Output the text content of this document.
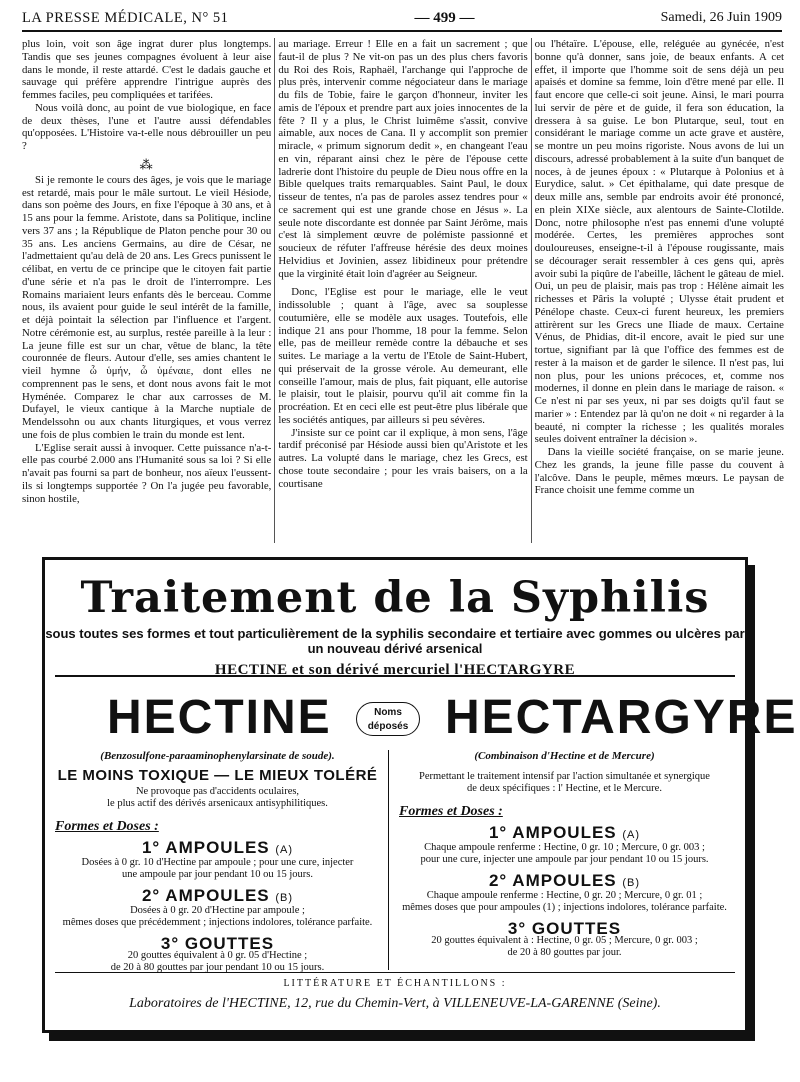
LA PRESSE MÉDICALE, N° 51	— 499 —	Samedi, 26 Juin 1909

plus loin, voit son âge ingrat durer plus longtemps. Tandis que ses jeunes compagnes évoluent à leur aise dans le monde, il reste attardé. C'est le dadais gauche et sauvage qui préfère apprendre l'intrigue auprès des femmes faciles, peu compliquées et tarifées.

Nous voilà donc, au point de vue biologique, en face de deux thèses, l'une et l'autre aussi défendables qu'opposées. L'Histoire va-t-elle nous débrouiller un peu ?

⁂

Si je remonte le cours des âges, je vois que le mariage est retardé, mais pour le mâle surtout. Le vieil Hésiode, dans son poème des Jours, en fixe l'époque à 30 ans, et à 15 ans pour la femme. Aristote, dans sa Politique, incline vers 37 ans ; la République de Platon penche pour 30 ou 35 ans. Les anciens Germains, au dire de César, ne l'admettaient qu'au delà de 20 ans. Les Grecs punissent le célibat, en vertu de ce principe que le citoyen fait partie d'une série et n'a pas le droit de l'interrompre. Les Romains mariaient leurs enfants dès le berceau. Comme nous, ils avaient pour guide le seul intérêt de la famille, et déjà pointait la sélection par l'influence et l'argent. Notre cérémonie est, au surplus, restée pareille à la leur : La jeune fille est sur un char, vêtue de blanc, la tête couronnée de fleurs. Autour d'elle, ses amies chantent le vieil hymne ὦ ὑμήν, ὦ ὑμέναιε, dont elles ne comprennent pas le sens, et dont nous avons fait le mot Hyménée. Comparez le char aux carrosses de M. Dufayel, le vieux cantique à la Marche nuptiale de Mendelssohn ou aux chants liturgiques, et vous verrez une fois de plus combien le train du monde est lent.

L'Eglise serait aussi à invoquer. Cette puissance n'a-t-elle pas courbé 2.000 ans l'Humanité sous sa loi ? Si elle n'avait pas fourni sa part de bonheur, nos aïeux l'eussent-ils si longtemps supportée ? On l'a jugée peu favorable, sinon hostile,

au mariage. Erreur ! Elle en a fait un sacrement ; que faut-il de plus ? Ne vit-on pas un des plus chers favoris du Roi des Rois, Raphaël, l'archange qui l'approche de plus près, intervenir comme négociateur dans le mariage du fils de Tobie, faire le garçon d'honneur, inviter les amis de l'époux et prendre part aux joies innocentes de la fête ? Il y a plus, le Christ luimême s'assit, convive aimable, aux noces de Cana. Il y accomplit son premier miracle, « primum signorum dedit », en changeant l'eau en vin, réparant ainsi chez le père de l'épouse cette ladrerie dont l'histoire du peuple de Dieu nous offre en la Bible quelques traits remarquables. Saint Paul, le doux tisseur de tentes, n'a pas de paroles assez tendres pour « ce sacrement qui est une grande chose en Jésus ». La seule note discordante est donnée par Saint Jérôme, mais c'est là simplement œuvre de polémiste passionné et soucieux de réfuter l'affreuse hérésie des deux moines Helvidius et Jovinien, assez libidineux pour prétendre que la virginité était loin d'agréer au Seigneur.

Donc, l'Eglise est pour le mariage, elle le veut indissoluble ; quant à l'âge, avec sa souplesse coutumière, elle se modèle aux usages. Toutefois, elle indique 21 ans pour l'homme, 18 pour la femme. Selon elle, pas de meilleur remède contre la débauche et ses suites. Le mariage a la vertu de l'Etole de Saint-Hubert, qui préservait de la grosse vérole. Au demeurant, elle conseille l'amour, mais de plus, fait piquant, elle autorise le plaisir, tout le plaisir, pourvu qu'il ait comme fin la procréation. Et en ceci elle est peut-être plus libérale que les sociétés antiques, par ailleurs si peu sévères.

J'insiste sur ce point car il explique, à mon sens, l'âge tardif préconisé par Hésiode aussi bien qu'Aristote et les autres. La volupté dans le mariage, chez les Grecs, est chose toute secondaire ; pour les vrais baisers, on a la courtisane

ou l'hétaïre. L'épouse, elle, reléguée au gynécée, n'est bonne qu'à donner, sans joie, de beaux enfants. A cet effet, il importe que l'homme soit de sens déjà un peu apaisés et domine sa femme, loin d'être mené par elle. Il faut encore que celle-ci soit jeune. Ainsi, le mari pourra lui servir de père et de guide, il fera son éducation, la dressera à sa guise. Le bon Plutarque, seul, tout en considérant le mariage comme un acte grave et austère, se montre un peu moins rigoriste. Nous avons de lui un discours, adressé probablement à la suite d'un banquet de noces, à de jeunes époux : « Plutarque à Polonius et à Eurydice, salut. » Cet épithalame, qui date presque de deux mille ans, semble par endroits avoir été prononcé, en plein XIXe siècle, aux alentours de Sainte-Clotilde. Donc, notre philosophe n'est pas ennemi d'une volupté modérée. Certes, les premières approches sont douloureuses, enseigne-t-il à l'épouse rougissante, mais se décourager serait ressembler à ces gens qui, après avoir subi la piqûre de l'abeille, lâchent le gâteau de miel. Oui, un peu de plaisir, mais pas trop : Hélène aimait les richesses et Pâris la volupté ; Ulysse était prudent et Pénélope chaste. Ceux-ci furent heureux, les premiers attirèrent sur les Grecs une Iliade de maux. Certaine Vénus, de Phidias, dit-il encore, avait le pied sur une tortue, signifiant par là que l'office des femmes est de rester à la maison et de garder le silence. Il n'est pas, lui non plus, pour les unions précoces, et, comme nos modernes, il donne en plein dans le mariage de raison. « Ce n'est ni par ses yeux, ni par ses doigts qu'il faut se marier » : Entendez par là qu'on ne doit « ni regarder à la beauté, ni compter la richesse ; les qualités morales seules doivent entraîner la décision ».

Dans la vieille société française, on se marie jeune. Chez les grands, la jeune fille passe du couvent à l'alcôve. Dans le peuple, mêmes mœurs. Le paysan de France choisit une femme comme un

Traitement de la Syphilis
sous toutes ses formes et tout particulièrement de la syphilis secondaire et tertiaire avec gommes ou ulcères par un nouveau dérivé arsenical
HECTINE et son dérivé mercuriel l'HECTARGYRE
HECTINE	Noms
déposés HECTARGYRE
(Benzosulfone-paraaminophenylarsinate de soude).
LE MOINS TOXIQUE — LE MIEUX TOLÉRÉ
Ne provoque pas d'accidents oculaires,
le plus actif des dérivés arsenicaux antisyphilitiques.
Formes et Doses :
1° AMPOULES (A)
Dosées à 0 gr. 10 d'Hectine par ampoule ; pour une cure, injecter
une ampoule par jour pendant 10 ou 15 jours.
2° AMPOULES (B)
Dosées à 0 gr. 20 d'Hectine par ampoule ;
mêmes doses que précédemment ; injections indolores, tolérance parfaite.
3° GOUTTES
20 gouttes équivalent à 0 gr. 05 d'Hectine ;
de 20 à 80 gouttes par jour pendant 10 ou 15 jours.
(Combinaison d'Hectine et de Mercure)
Permettant le traitement intensif par l'action simultanée et synergique
de deux spécifiques : l' Hectine, et le Mercure.
Formes et Doses :
1° AMPOULES (A)
Chaque ampoule renferme : Hectine, 0 gr. 10 ; Mercure, 0 gr. 003 ;
pour une cure, injecter une ampoule par jour pendant 10 ou 15 jours.
2° AMPOULES (B)
Chaque ampoule renferme : Hectine, 0 gr. 20 ; Mercure, 0 gr. 01 ;
mêmes doses que pour ampoules (1) ; injections indolores, tolérance parfaite.
3° GOUTTES
20 gouttes équivalent à : Hectine, 0 gr. 05 ; Mercure, 0 gr. 003 ;
de 20 à 80 gouttes par jour.
LITTÉRATURE ET ÉCHANTILLONS :
Laboratoires de l'HECTINE, 12, rue du Chemin-Vert, à VILLENEUVE-LA-GARENNE (Seine).
